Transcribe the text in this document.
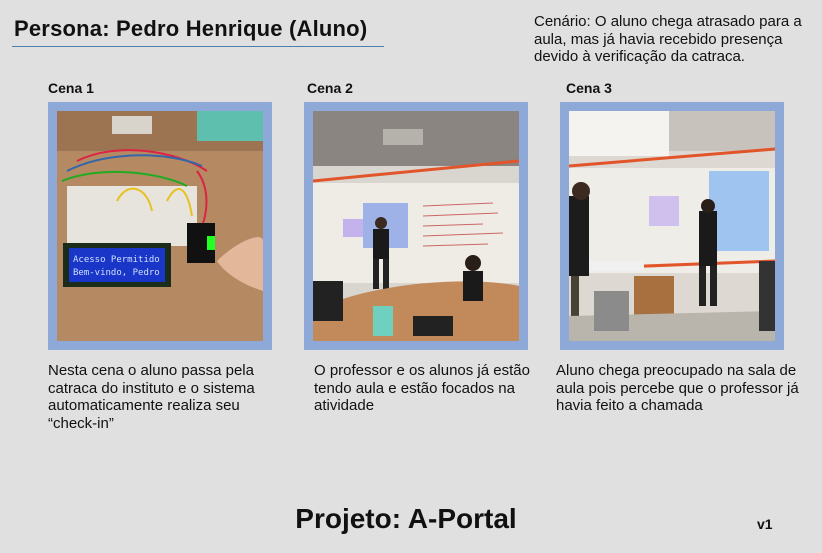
Persona: Pedro Henrique (Aluno)	Cenário: O aluno chega atrasado para a aula, mas já havia recebido presença devido à verificação da catraca.
Cena 1
Acesso Permitido
Bem-vindo, Pedro
Nesta cena o aluno passa pela catraca do instituto e o sistema automaticamente realiza seu “check-in”
Cena 2
O professor e os alunos já estão tendo aula e estão focados na atividade
Cena 3
Aluno chega preocupado na sala de aula pois percebe que o professor já havia feito a chamada
Projeto: A-Portal	v1
